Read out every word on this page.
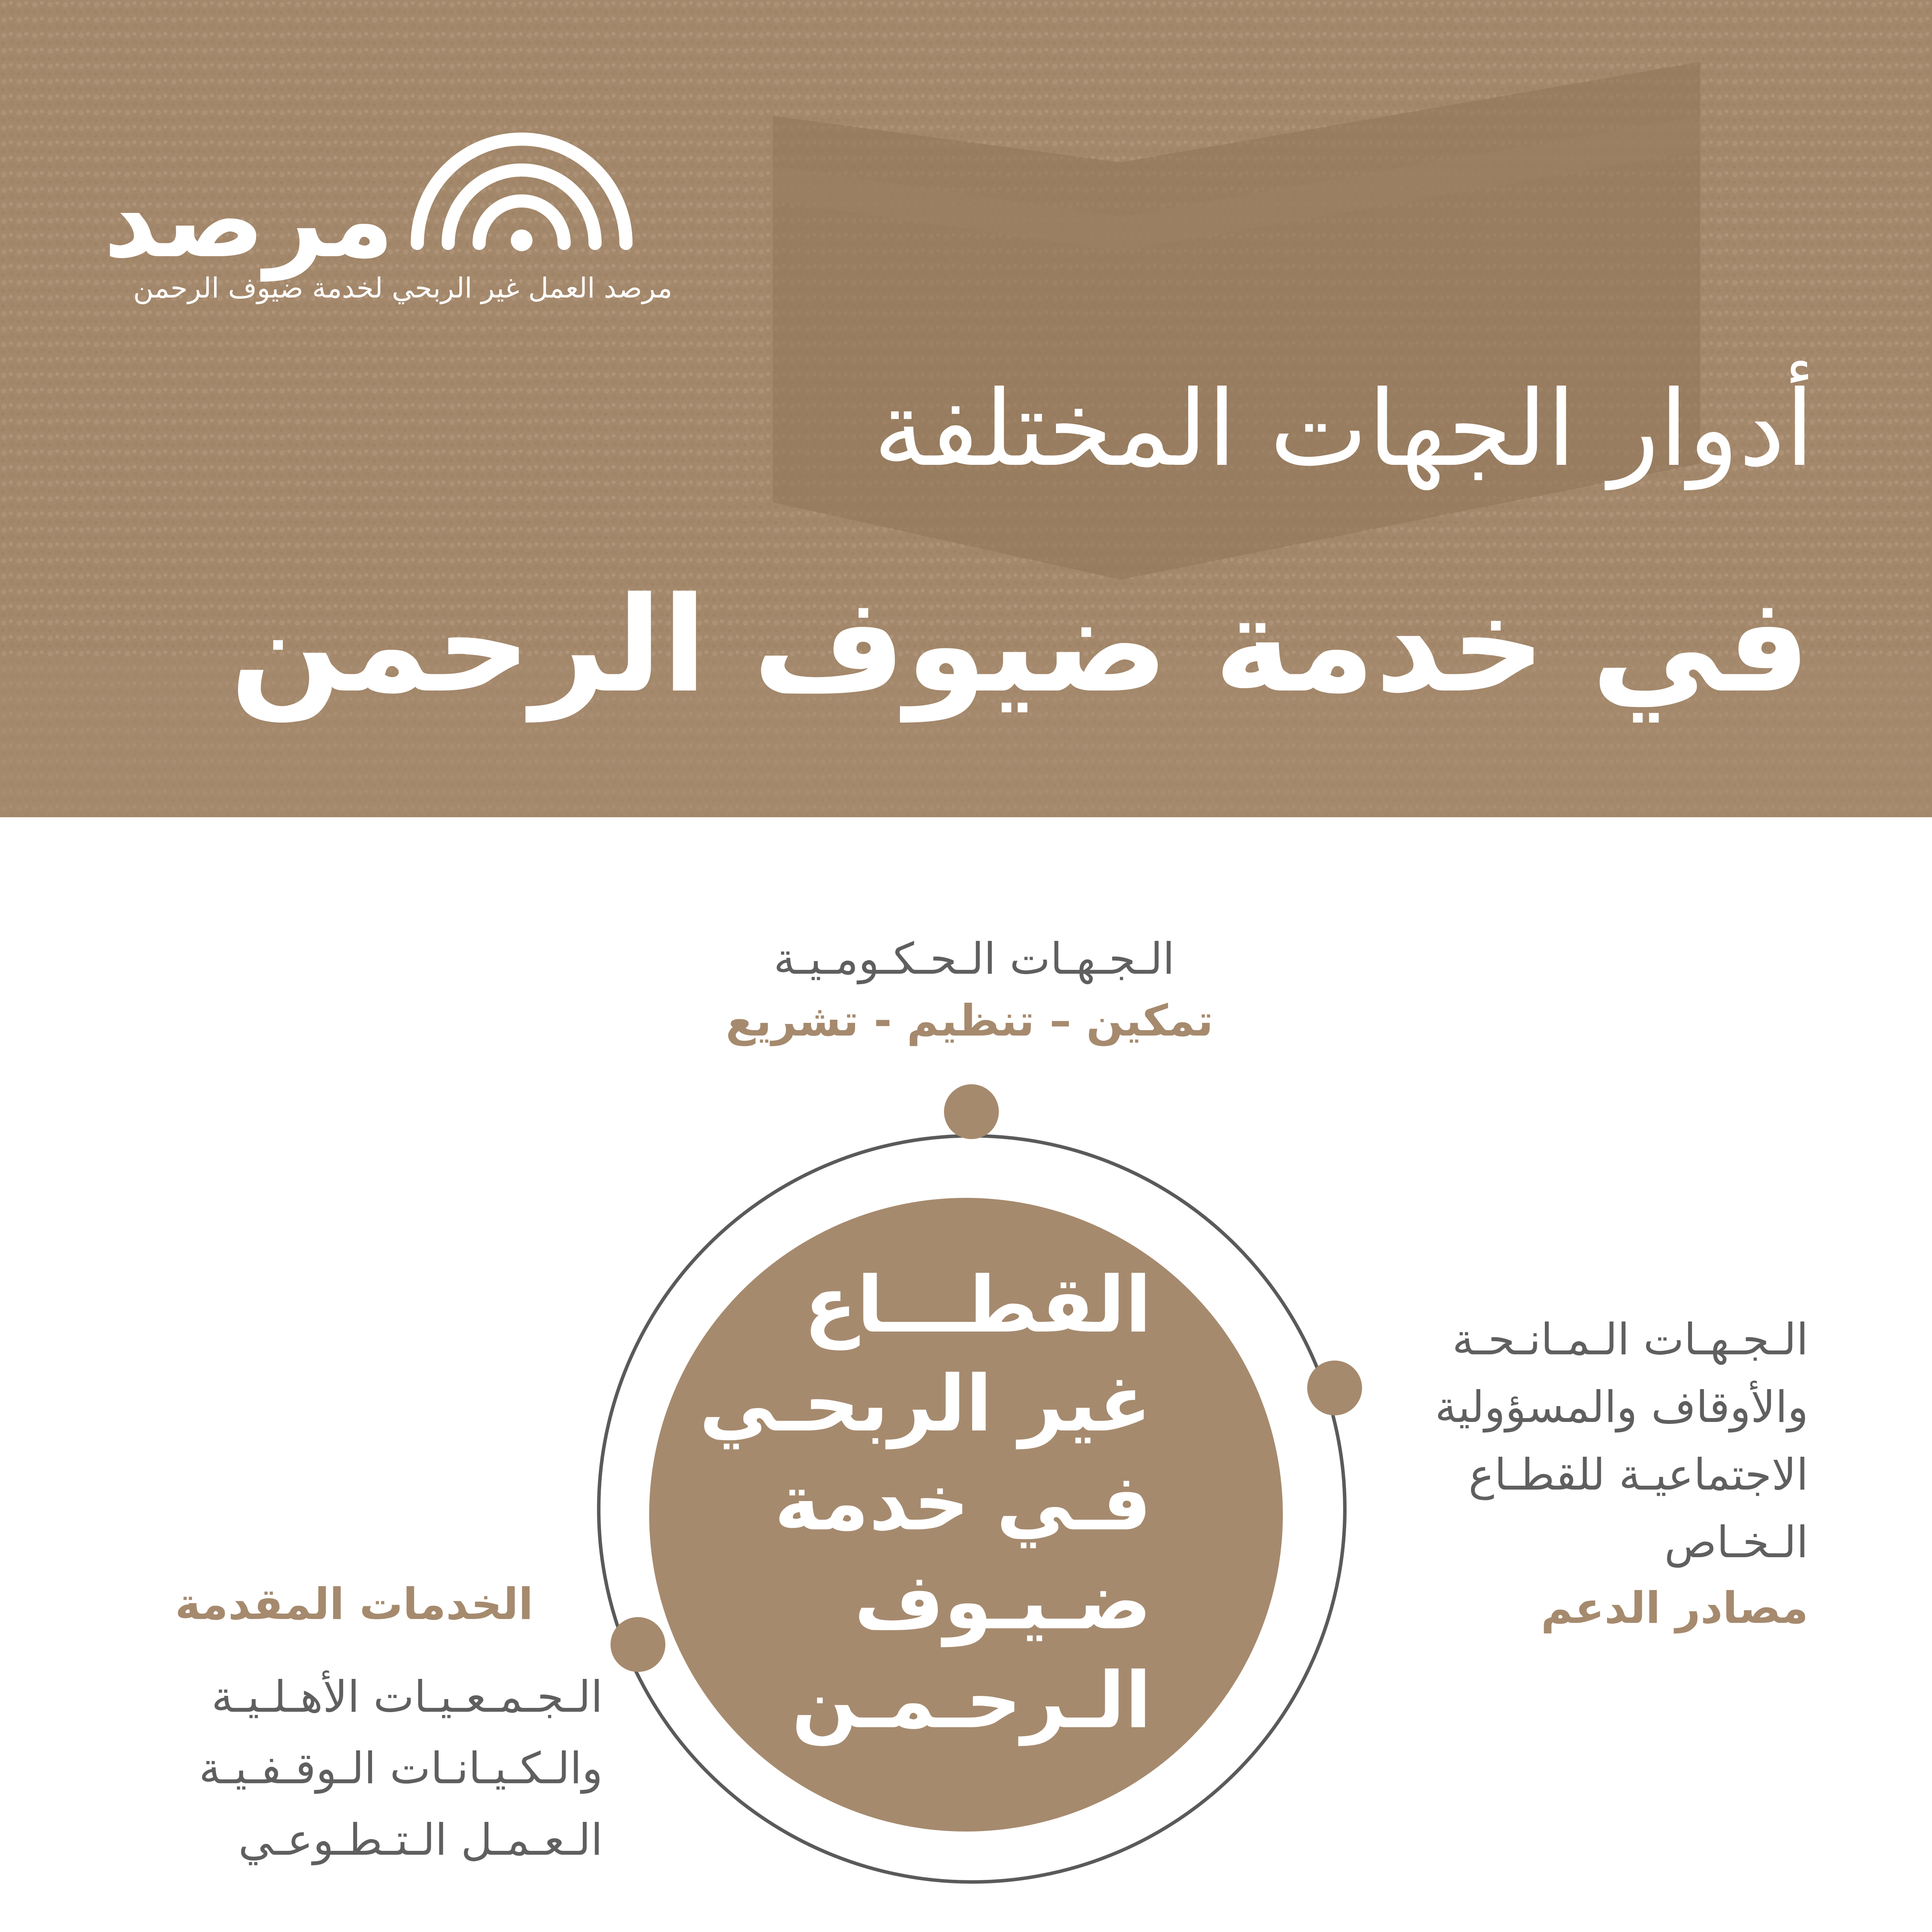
مرصد
مرصد العمل غير الربحي لخدمة ضيوف الرحمن
أدوار الجهات المختلفة
في خدمة ضيوف الرحمن
القطـــاع
غير الربحـي
فـي خدمة
ضـيـوف
الـرحـمـن
الـجـهـات الـحـكـومـيـة
تمكين – تنظيم - تشريع
الـجـهـات الـمـانـحـة
والأوقاف والمسؤولية
الاجتماعيـة للقطـاع
الـخـاص
مصادر الدعم
الخدمات المقدمة
الـجـمـعـيـات الأهـلـيـة
والـكـيـانـات الـوقـفـيـة
الـعـمـل الـتـطـوعـي
